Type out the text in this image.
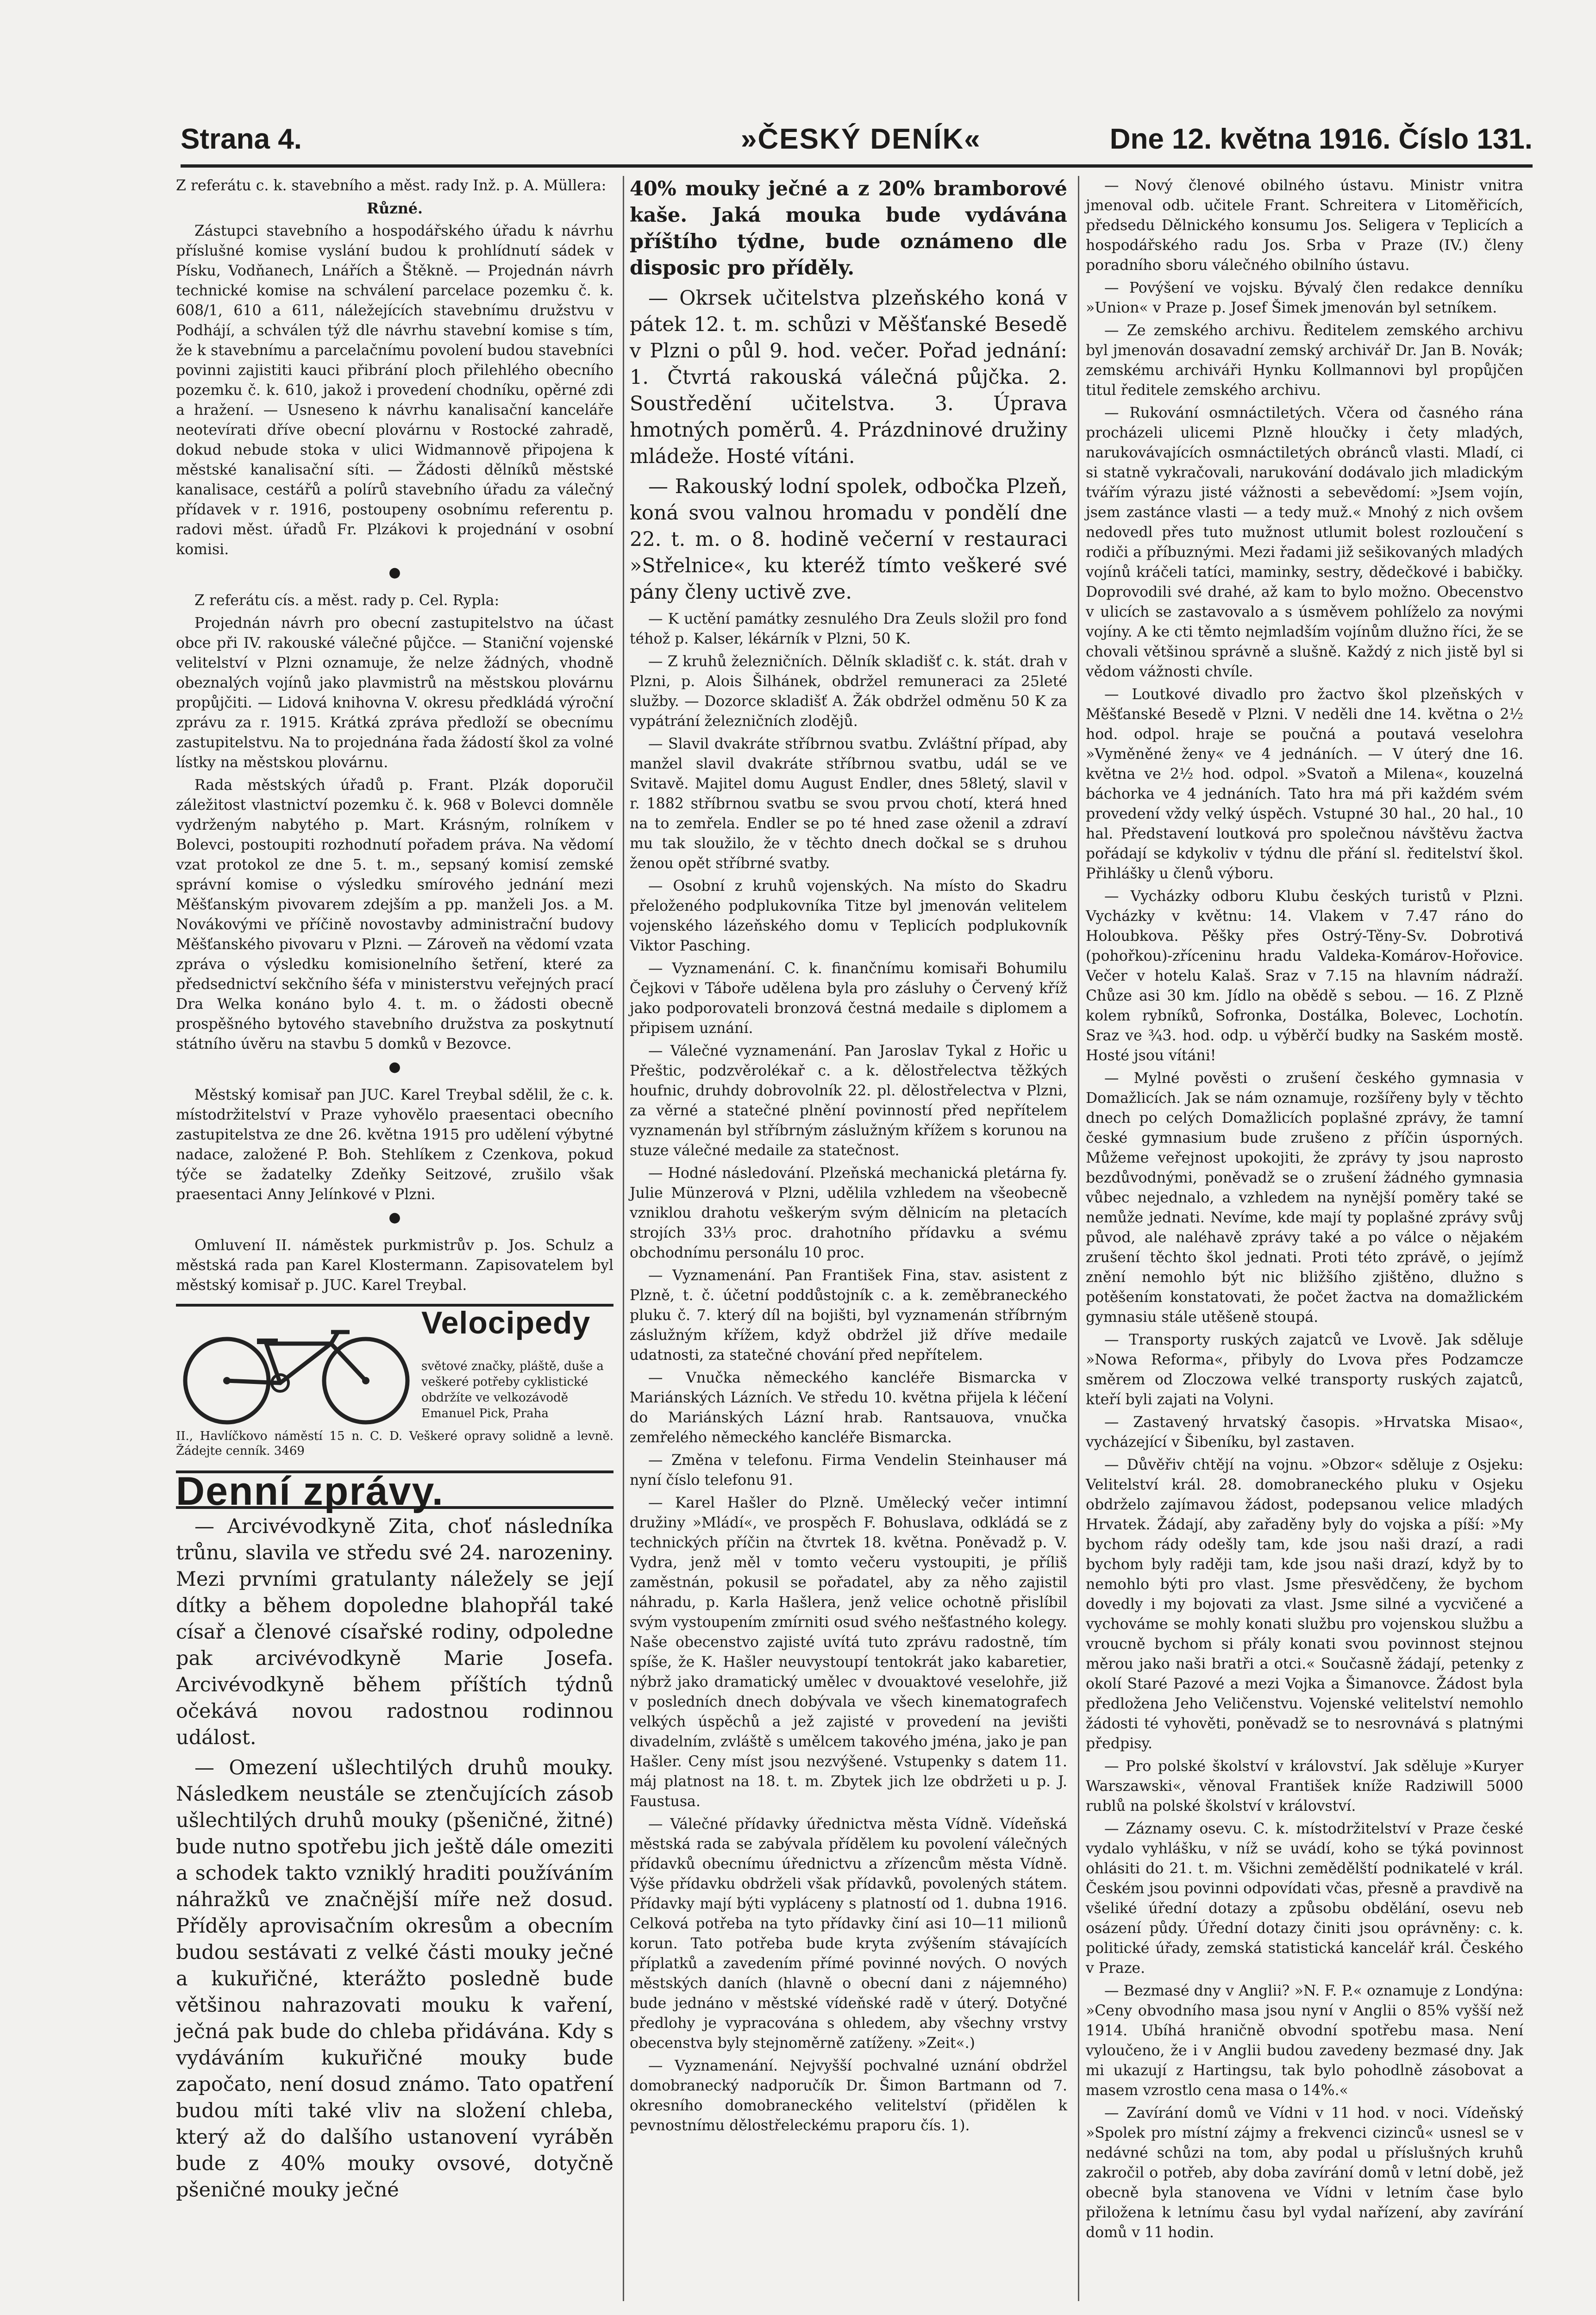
Strana 4.	»ČESKÝ DENÍK«	Dne 12. května 1916. Číslo 131.

Z referátu c. k. stavebního a měst. rady Inž. p. A. Müllera:

Různé.

Zástupci stavebního a hospodářského úřadu k návrhu příslušné komise vyslání budou k prohlídnutí sádek v Písku, Vodňanech, Lnářích a Štěkně. — Projednán návrh technické komise na schválení parcelace pozemku č. k. 608/1, 610 a 611, náležejících stavebnímu družstvu v Podhájí, a schválen týž dle návrhu stavební komise s tím, že k stavebnímu a parcelačnímu povolení budou stavebníci povinni zajistiti kauci přibrání ploch přilehlého obecního pozemku č. k. 610, jakož i provedení chodníku, opěrné zdi a hražení. — Usneseno k návrhu kanalisační kanceláře neotevírati dříve obecní plovárnu v Rostocké zahradě, dokud nebude stoka v ulici Widmannově připojena k městské kanalisační síti. — Žádosti dělníků městské kanalisace, cestářů a polírů stavebního úřadu za válečný přídavek v r. 1916, postoupeny osobnímu referentu p. radovi měst. úřadů Fr. Plzákovi k projednání v osobní komisi.

●

Z referátu cís. a měst. rady p. Cel. Rypla:

Projednán návrh pro obecní zastupitelstvo na účast obce při IV. rakouské válečné půjčce. — Staniční vojenské velitelství v Plzni oznamuje, že nelze žádných, vhodně obeznalých vojínů jako plavmistrů na městskou plovárnu propůjčiti. — Lidová knihovna V. okresu předkládá výroční zprávu za r. 1915. Krátká zpráva předloží se obecnímu zastupitelstvu. Na to projednána řada žádostí škol za volné lístky na městskou plovárnu.

Rada městských úřadů p. Frant. Plzák doporučil záležitost vlastnictví pozemku č. k. 968 v Bolevci domněle vydrženým nabytého p. Mart. Krásným, rolníkem v Bolevci, postoupiti rozhodnutí pořadem práva. Na vědomí vzat protokol ze dne 5. t. m., sepsaný komisí zemské správní komise o výsledku smírového jednání mezi Měšťanským pivovarem zdejším a pp. manželi Jos. a M. Novákovými ve příčině novostavby administrační budovy Měšťanského pivovaru v Plzni. — Zároveň na vědomí vzata zpráva o výsledku komisionelního šetření, které za předsednictví sekčního šéfa v ministerstvu veřejných prací Dra Welka konáno bylo 4. t. m. o žádosti obecně prospěšného bytového stavebního družstva za poskytnutí státního úvěru na stavbu 5 domků v Bezovce.

●

Městský komisař pan JUC. Karel Treybal sdělil, že c. k. místodržitelství v Praze vyhovělo praesentaci obecního zastupitelstva ze dne 26. května 1915 pro udělení výbytné nadace, založené P. Boh. Stehlíkem z Czenkova, pokud týče se žadatelky Zdeňky Seitzové, zrušilo však praesentaci Anny Jelínkové v Plzni.

●

Omluvení II. náměstek purkmistrův p. Jos. Schulz a městská rada pan Karel Klostermann. Zapisovatelem byl městský komisař p. JUC. Karel Treybal.

Velocipedy
světové značky, pláště, duše a veškeré potřeby cyklistické obdržíte ve velkozávodě Emanuel Pick, Praha
II., Havlíčkovo náměstí 15 n. C. D. Veškeré opravy solidně a levně. Žádejte cenník. 3469
Denní zprávy.

— Arcivévodkyně Zita, choť následníka trůnu, slavila ve středu své 24. narozeniny. Mezi prvními gratulanty náležely se její dítky a během dopoledne blahopřál také císař a členové císařské rodiny, odpoledne pak arcivévodkyně Marie Josefa. Arcivévodkyně během příštích týdnů očekává novou radostnou rodinnou událost.

— Omezení ušlechtilých druhů mouky. Následkem neustále se ztenčujících zásob ušlechtilých druhů mouky (pšeničné, žitné) bude nutno spotřebu jich ještě dále omeziti a schodek takto vzniklý hraditi používáním náhražků ve značnější míře než dosud. Příděly aprovisačním okresům a obecním budou sestávati z velké části mouky ječné a kukuřičné, kterážto posledně bude většinou nahrazovati mouku k vaření, ječná pak bude do chleba přidávána. Kdy s vydáváním kukuřičné mouky bude započato, není dosud známo. Tato opatření budou míti také vliv na složení chleba, který až do dalšího ustanovení vyráběn bude z 40% mouky ovsové, dotyčně pšeničné mouky ječné

40% mouky ječné a z 20% bramborové kaše. Jaká mouka bude vydávána příštího týdne, bude oznámeno dle disposic pro příděly.

— Okrsek učitelstva plzeňského koná v pátek 12. t. m. schůzi v Měšťanské Besedě v Plzni o půl 9. hod. večer. Pořad jednání: 1. Čtvrtá rakouská válečná půjčka. 2. Soustředění učitelstva. 3. Úprava hmotných poměrů. 4. Prázdninové družiny mládeže. Hosté vítáni.

— Rakouský lodní spolek, odbočka Plzeň, koná svou valnou hromadu v pondělí dne 22. t. m. o 8. hodině večerní v restauraci »Střelnice«, ku kteréž tímto veškeré své pány členy uctivě zve.

— K uctění památky zesnulého Dra Zeuls složil pro fond téhož p. Kalser, lékárník v Plzni, 50 K.

— Z kruhů železničních. Dělník skladišť c. k. stát. drah v Plzni, p. Alois Šilhánek, obdržel remuneraci za 25leté služby. — Dozorce skladišť A. Žák obdržel odměnu 50 K za vypátrání železničních zlodějů.

— Slavil dvakráte stříbrnou svatbu. Zvláštní případ, aby manžel slavil dvakráte stříbrnou svatbu, udál se ve Svitavě. Majitel domu August Endler, dnes 58letý, slavil v r. 1882 stříbrnou svatbu se svou prvou chotí, která hned na to zemřela. Endler se po té hned zase oženil a zdraví mu tak sloužilo, že v těchto dnech dočkal se s druhou ženou opět stříbrné svatby.

— Osobní z kruhů vojenských. Na místo do Skadru přeloženého podplukovníka Titze byl jmenován velitelem vojenského lázeňského domu v Teplicích podplukovník Viktor Pasching.

— Vyznamenání. C. k. finančnímu komisaři Bohumilu Čejkovi v Táboře udělena byla pro zásluhy o Červený kříž jako podporovateli bronzová čestná medaile s diplomem a připisem uznání.

— Válečné vyznamenání. Pan Jaroslav Tykal z Hořic u Přeštic, podzvěrolékař c. a k. dělostřelectva těžkých houfnic, druhdy dobrovolník 22. pl. dělostřelectva v Plzni, za věrné a statečné plnění povinností před nepřítelem vyznamenán byl stříbrným záslužným křížem s korunou na stuze válečné medaile za statečnost.

— Hodné následování. Plzeňská mechanická pletárna fy. Julie Münzerová v Plzni, udělila vzhledem na všeobecně vzniklou drahotu veškerým svým dělnicím na pletacích strojích 33⅓ proc. drahotního přídavku a svému obchodnímu personálu 10 proc.

— Vyznamenání. Pan František Fina, stav. asistent z Plzně, t. č. účetní poddůstojník c. a k. zeměbraneckého pluku č. 7. který díl na bojišti, byl vyznamenán stříbrným záslužným křížem, když obdržel již dříve medaile udatnosti, za statečné chování před nepřítelem.

— Vnučka německého kancléře Bismarcka v Mariánských Lázních. Ve středu 10. května přijela k léčení do Mariánských Lázní hrab. Rantsauova, vnučka zemřelého německého kancléře Bismarcka.

— Změna v telefonu. Firma Vendelin Steinhauser má nyní číslo telefonu 91.

— Karel Hašler do Plzně. Umělecký večer intimní družiny »Mládí«, ve prospěch F. Bohuslava, odkládá se z technických příčin na čtvrtek 18. května. Poněvadž p. V. Vydra, jenž měl v tomto večeru vystoupiti, je příliš zaměstnán, pokusil se pořadatel, aby za něho zajistil náhradu, p. Karla Hašlera, jenž velice ochotně přislíbil svým vystoupením zmírniti osud svého nešťastného kolegy. Naše obecenstvo zajisté uvítá tuto zprávu radostně, tím spíše, že K. Hašler neuvystoupí tentokrát jako kabaretier, nýbrž jako dramatický umělec v dvouaktové veselohře, již v posledních dnech dobývala ve všech kinematografech velkých úspěchů a jež zajisté v provedení na jevišti divadelním, zvláště s umělcem takového jména, jako je pan Hašler. Ceny míst jsou nezvýšené. Vstupenky s datem 11. máj platnost na 18. t. m. Zbytek jich lze obdržeti u p. J. Faustusa.

— Válečné přídavky úřednictva města Vídně. Vídeňská městská rada se zabývala přídělem ku povolení válečných přídavků obecnímu úřednictvu a zřízencům města Vídně. Výše přídavku obdrželi však přídavků, povolených státem. Přídavky mají býti vypláceny s platností od 1. dubna 1916. Celková potřeba na tyto přídavky činí asi 10—11 milionů korun. Tato potřeba bude kryta zvýšením stávajících příplatků a zavedením přímé povinné nových. O nových městských daních (hlavně o obecní dani z nájemného) bude jednáno v městské vídeňské radě v úterý. Dotyčné předlohy je vypracována s ohledem, aby všechny vrstvy obecenstva byly stejnoměrně zatíženy. »Zeit«.)

— Vyznamenání. Nejvyšší pochvalné uznání obdržel domobranecký nadporučík Dr. Šimon Bartmann od 7. okresního domobraneckého velitelství (přidělen k pevnostnímu dělostřeleckému praporu čís. 1).

— Nový členové obilného ústavu. Ministr vnitra jmenoval odb. učitele Frant. Schreitera v Litoměřicích, předsedu Dělnického konsumu Jos. Seligera v Teplicích a hospodářského radu Jos. Srba v Praze (IV.) členy poradního sboru válečného obilního ústavu.

— Povýšení ve vojsku. Bývalý člen redakce denníku »Union« v Praze p. Josef Šimek jmenován byl setníkem.

— Ze zemského archivu. Ředitelem zemského archivu byl jmenován dosavadní zemský archivář Dr. Jan B. Novák; zemskému archiváři Hynku Kollmannovi byl propůjčen titul ředitele zemského archivu.

— Rukování osmnáctiletých. Včera od časného rána procházeli ulicemi Plzně hloučky i čety mladých, narukovávajících osmnáctiletých obránců vlasti. Mladí, ci si statně vykračovali, narukování dodávalo jich mladickým tvářím výrazu jisté vážnosti a sebevědomí: »Jsem vojín, jsem zastánce vlasti — a tedy muž.« Mnohý z nich ovšem nedovedl přes tuto mužnost utlumit bolest rozloučení s rodiči a příbuznými. Mezi řadami již sešikovaných mladých vojínů kráčeli tatíci, maminky, sestry, dědečkové i babičky. Doprovodili své drahé, až kam to bylo možno. Obecenstvo v ulicích se zastavovalo a s úsměvem pohlíželo za novými vojíny. A ke cti těmto nejmladším vojínům dlužno říci, že se chovali většinou správně a slušně. Každý z nich jistě byl si vědom vážnosti chvíle.

— Loutkové divadlo pro žactvo škol plzeňských v Měšťanské Besedě v Plzni. V neděli dne 14. května o 2½ hod. odpol. hraje se poučná a poutavá veselohra »Vyměněné ženy« ve 4 jednáních. — V úterý dne 16. května ve 2½ hod. odpol. »Svatoň a Milena«, kouzelná báchorka ve 4 jednáních. Tato hra má při každém svém provedení vždy velký úspěch. Vstupné 30 hal., 20 hal., 10 hal. Představení loutková pro společnou návštěvu žactva pořádají se kdykoliv v týdnu dle přání sl. ředitelství škol. Přihlášky u členů výboru.

— Vycházky odboru Klubu českých turistů v Plzni. Vycházky v květnu: 14. Vlakem v 7.47 ráno do Holoubkova. Pěšky přes Ostrý-Těny-Sv. Dobrotivá (pohořkou)-zříceninu hradu Valdeka-Komárov-Hořovice. Večer v hotelu Kalaš. Sraz v 7.15 na hlavním nádraží. Chůze asi 30 km. Jídlo na obědě s sebou. — 16. Z Plzně kolem rybníků, Sofronka, Dostálka, Bolevec, Lochotín. Sraz ve ¾3. hod. odp. u výběrčí budky na Saském mostě. Hosté jsou vítáni!

— Mylné pověsti o zrušení českého gymnasia v Domažlicích. Jak se nám oznamuje, rozšířeny byly v těchto dnech po celých Domažlicích poplašné zprávy, že tamní české gymnasium bude zrušeno z příčin úsporných. Můžeme veřejnost upokojiti, že zprávy ty jsou naprosto bezdůvodnými, poněvadž se o zrušení žádného gymnasia vůbec nejednalo, a vzhledem na nynější poměry také se nemůže jednati. Nevíme, kde mají ty poplašné zprávy svůj původ, ale naléhavě zprávy také a po válce o nějakém zrušení těchto škol jednati. Proti této zprávě, o jejímž znění nemohlo být nic bližšího zjištěno, dlužno s potěšením konstatovati, že počet žactva na domažlickém gymnasiu stále utěšeně stoupá.

— Transporty ruských zajatců ve Lvově. Jak sděluje »Nowa Reforma«, přibyly do Lvova přes Podzamcze směrem od Zloczowa velké transporty ruských zajatců, kteří byli zajati na Volyni.

— Zastavený hrvatský časopis. »Hrvatska Misao«, vycházející v Šibeníku, byl zastaven.

— Důvěřiv chtějí na vojnu. »Obzor« sděluje z Osjeku: Velitelství král. 28. domobraneckého pluku v Osjeku obdrželo zajímavou žádost, podepsanou velice mladých Hrvatek. Žádají, aby zařaděny byly do vojska a píší: »My bychom rády odešly tam, kde jsou naši drazí, a radi bychom byly raději tam, kde jsou naši drazí, když by to nemohlo býti pro vlast. Jsme přesvědčeny, že bychom dovedly i my bojovati za vlast. Jsme silné a vycvičené a vychováme se mohly konati službu pro vojenskou službu a vroucně bychom si přály konati svou povinnost stejnou měrou jako naši bratři a otci.« Současně žádají, petenky z okolí Staré Pazové a mezi Vojka a Šimanovce. Žádost byla předložena Jeho Veličenstvu. Vojenské velitelství nemohlo žádosti té vyhověti, poněvadž se to nesrovnává s platnými předpisy.

— Pro polské školství v království. Jak sděluje »Kuryer Warszawski«, věnoval František kníže Radziwill 5000 rublů na polské školství v království.

— Záznamy osevu. C. k. místodržitelství v Praze české vydalo vyhlášku, v níž se uvádí, koho se týká povinnost ohlásiti do 21. t. m. Všichni zemědělští podnikatelé v král. Českém jsou povinni odpovídati včas, přesně a pravdivě na všeliké úřední dotazy a způsobu obdělání, osevu neb osázení půdy. Úřední dotazy činiti jsou oprávněny: c. k. politické úřady, zemská statistická kancelář král. Českého v Praze.

— Bezmasé dny v Anglii? »N. F. P.« oznamuje z Londýna: »Ceny obvodního masa jsou nyní v Anglii o 85% vyšší než 1914. Ubíhá hraničně obvodní spotřebu masa. Není vyloučeno, že i v Anglii budou zavedeny bezmasé dny. Jak mi ukazují z Hartingsu, tak bylo pohodlně zásobovat a masem vzrostlo cena masa o 14%.«

— Zavírání domů ve Vídni v 11 hod. v noci. Vídeňský »Spolek pro místní zájmy a frekvenci cizinců« usnesl se v nedávné schůzi na tom, aby podal u příslušných kruhů zakročil o potřeb, aby doba zavírání domů v letní době, jež obecně byla stanovena ve Vídni v letním čase bylo přiložena k letnímu času byl vydal nařízení, aby zavírání domů v 11 hodin.
